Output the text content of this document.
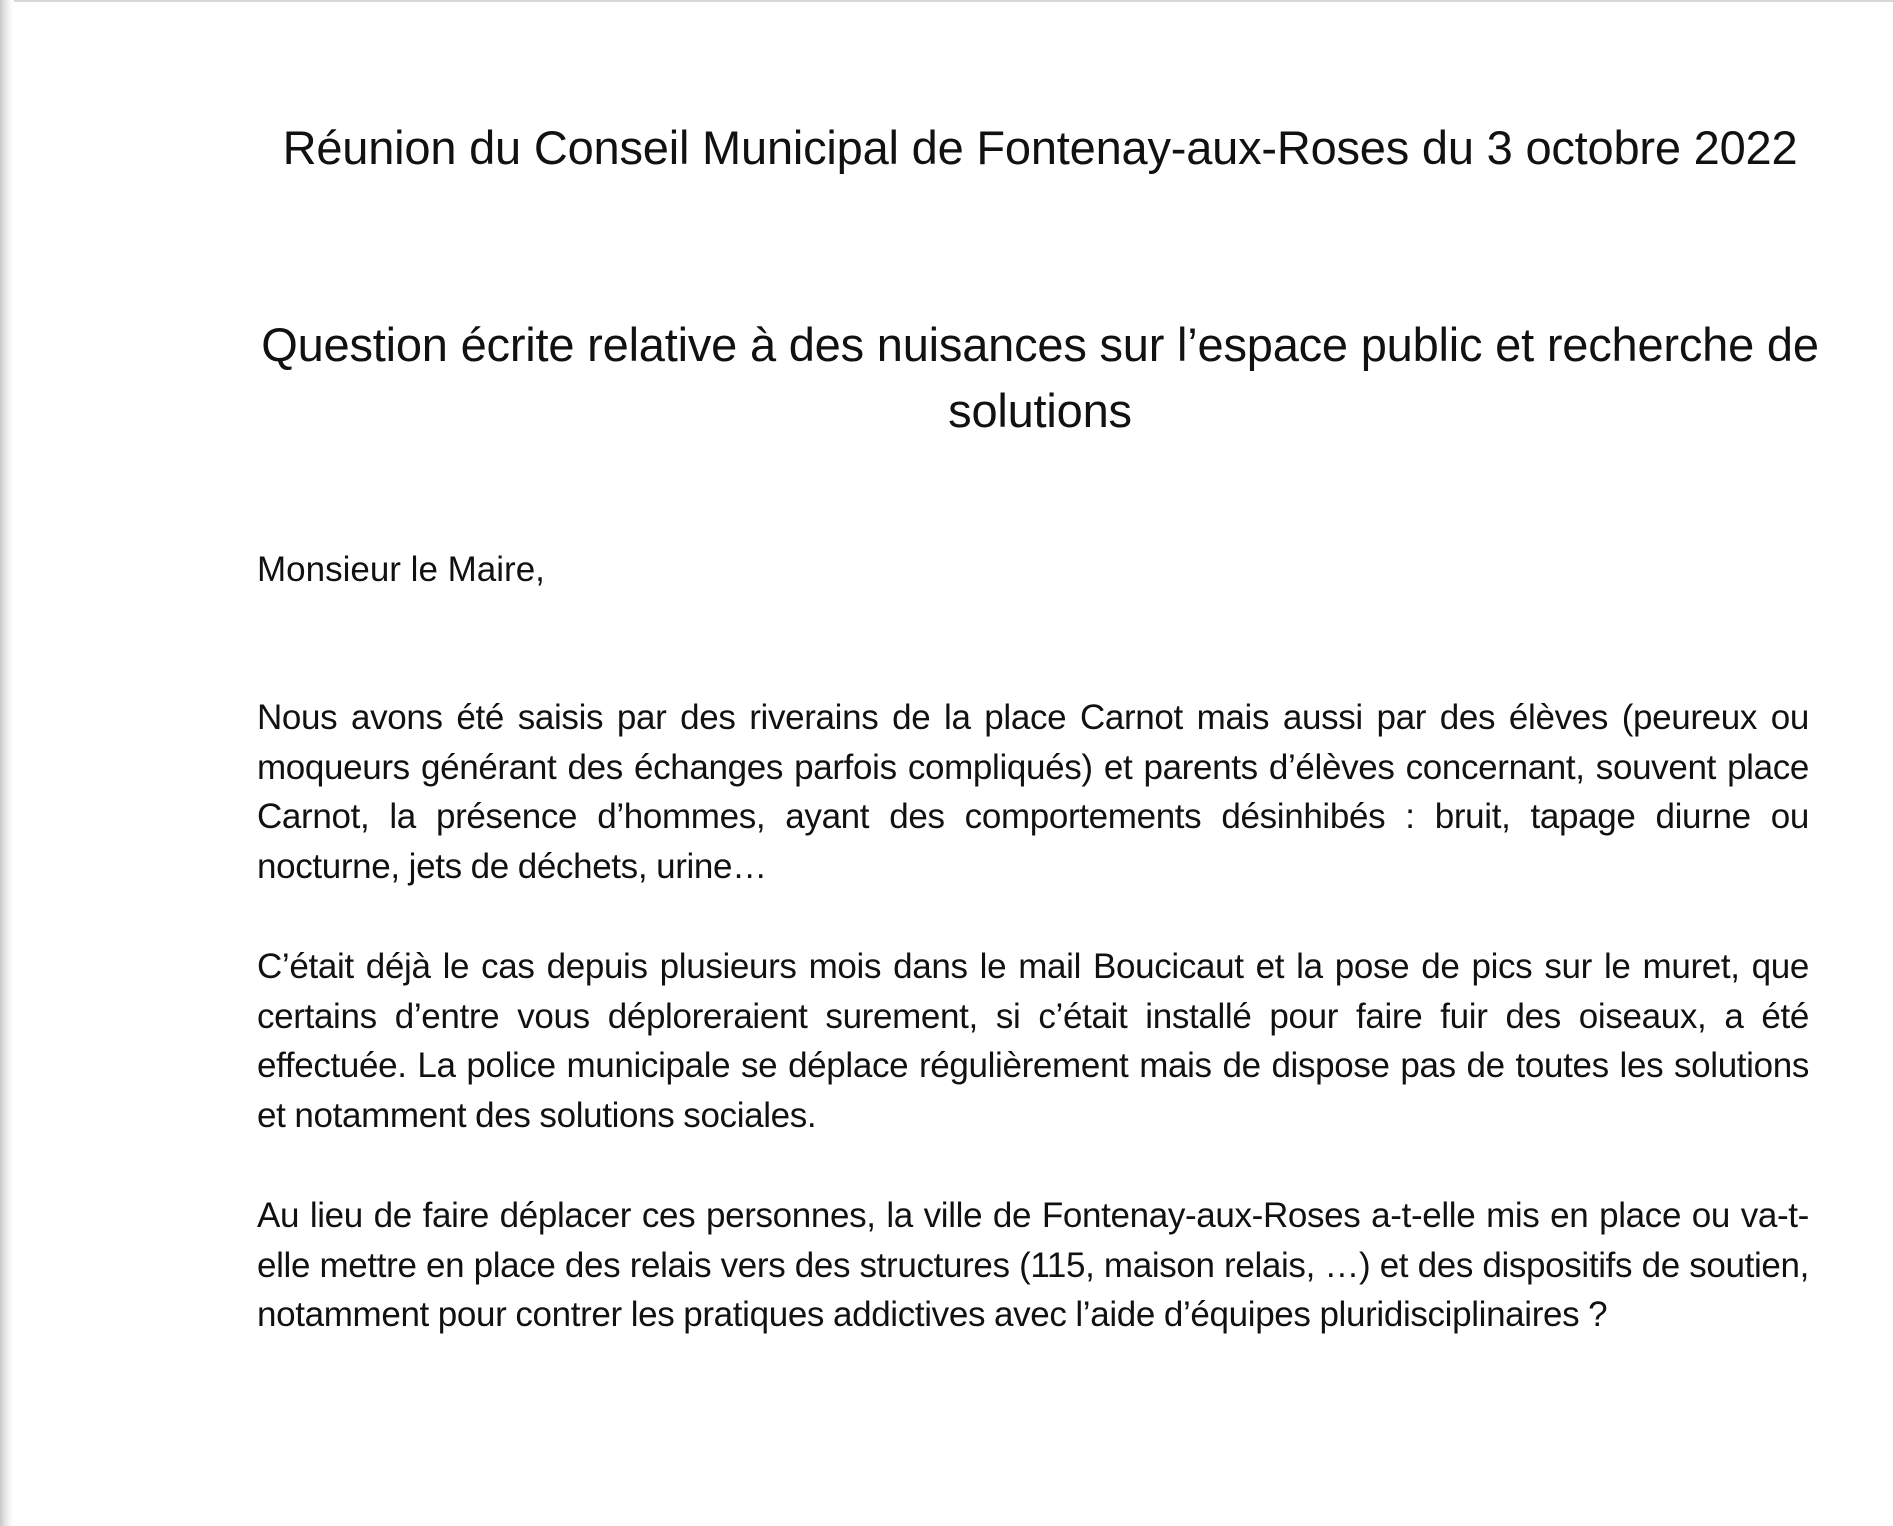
Réunion du Conseil Municipal de Fontenay-aux-Roses du 3 octobre 2022
Question écrite relative à des nuisances sur l’espace public et recherche de solutions

Monsieur le Maire,

Nous avons été saisis par des riverains de la place Carnot mais aussi par des élèves (peureux ou moqueurs générant des échanges parfois compliqués) et parents d’élèves concernant, souvent place Carnot, la présence d’hommes, ayant des comportements désinhibés : bruit, tapage diurne ou nocturne, jets de déchets, urine…

C’était déjà le cas depuis plusieurs mois dans le mail Boucicaut et la pose de pics sur le muret, que certains d’entre vous déploreraient surement, si c’était installé pour faire fuir des oiseaux, a été effectuée. La police municipale se déplace régulièrement mais de dispose pas de toutes les solutions et notamment des solutions sociales.

Au lieu de faire déplacer ces personnes, la ville de Fontenay-aux-Roses a-t-elle mis en place ou va-t-elle mettre en place des relais vers des structures (115, maison relais, …) et des dispositifs de soutien, notamment pour contrer les pratiques addictives avec l’aide d’équipes pluridisciplinaires ?
